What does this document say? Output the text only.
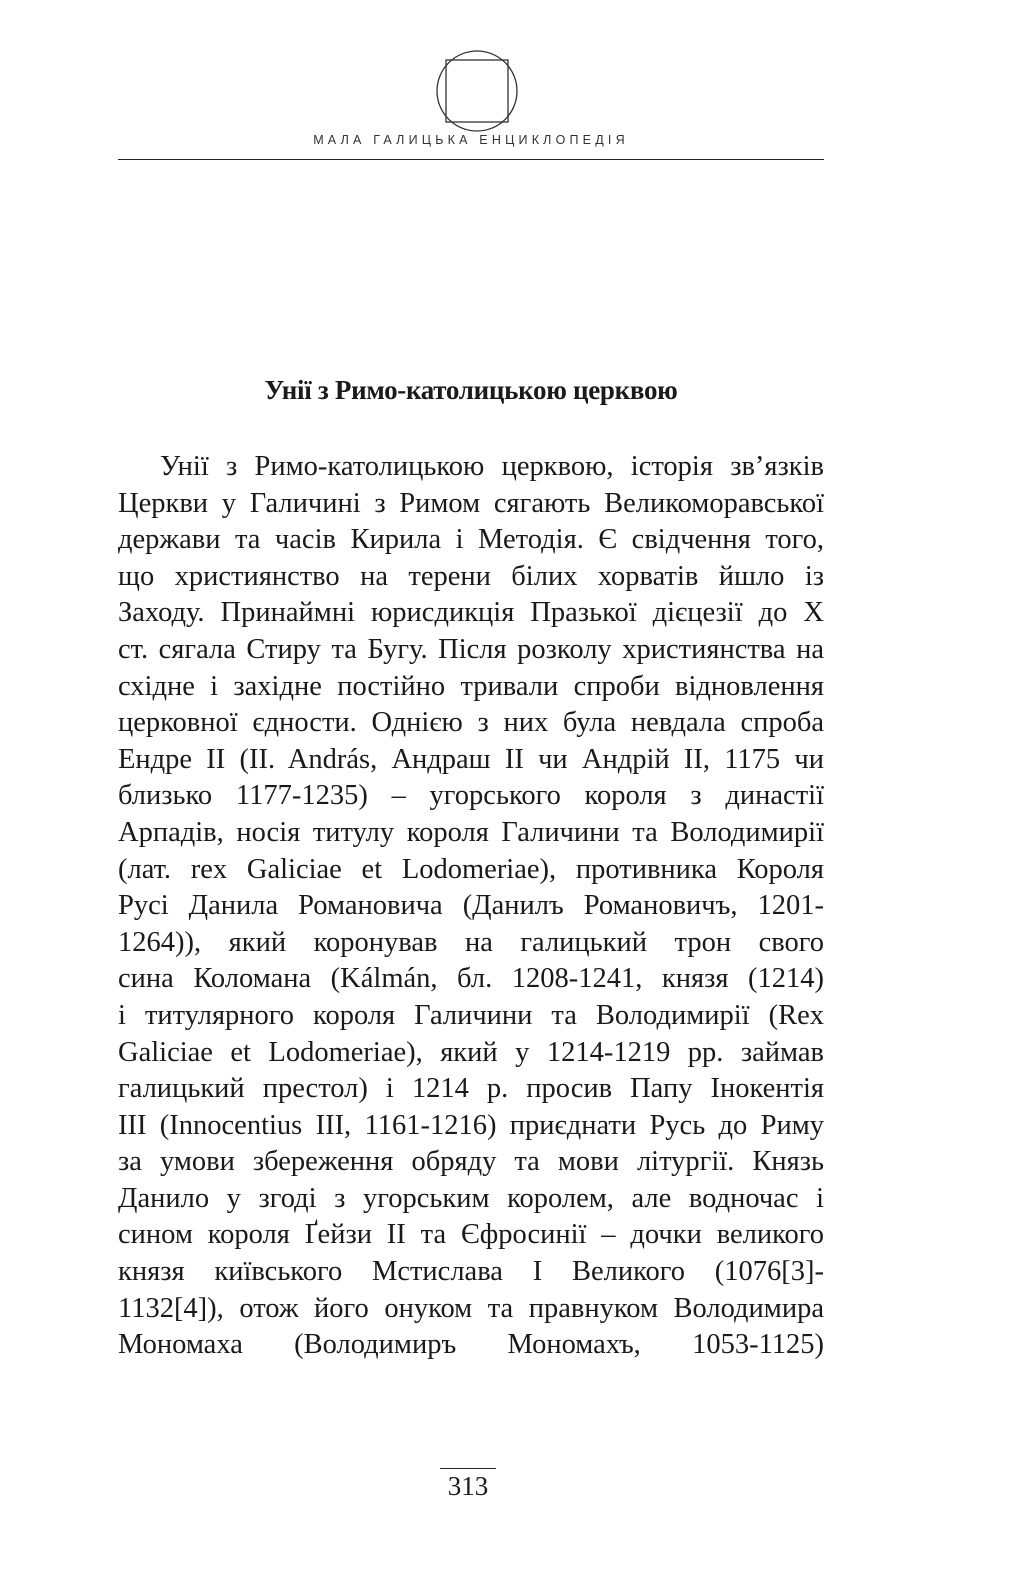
МАЛА ГАЛИЦЬКА ЕНЦИКЛОПЕДІЯ
Унії з Римо-католицькою церквою
Унії з Римо-католицькою церквою, історія зв’язків
Церкви у Галичині з Римом сягають Великоморавської
держави та часів Кирила і Методія. Є свідчення того,
що християнство на терени білих хорватів йшло із
Заходу. Принаймні юрисдикція Празької дієцезії до X
ст. сягала Стиру та Бугу. Після розколу християнства на
східне і західне постійно тривали спроби відновлення
церковної єдности. Однією з них була невдала спроба
Ендре II (II. András, Андраш II чи Андрій II, 1175 чи
близько 1177-1235) – угорського короля з династії
Арпадів, носія титулу короля Галичини та Володимирії
(лат. rex Galiciae et Lodomeriae), противника Короля
Русі Данила Романовича (Данилъ Романовичъ, 1201-
1264)), який коронував на галицький трон свого
сина Коломана (Kálmán, бл. 1208-1241, князя (1214)
і титулярного короля Галичини та Володимирії (Rex
Galiciae et Lodomeriae), який у 1214-1219 рр. займав
галицький престол) і 1214 р. просив Папу Інокентія
III (Innocentius III, 1161-1216) приєднати Русь до Риму
за умови збереження обряду та мови літургії. Князь
Данило у згоді з угорським королем, але водночас і
сином короля Ґейзи II та Єфросинії – дочки великого
князя київського Мстислава I Великого (1076[3]-
1132[4]), отож його онуком та правнуком Володимира
Мономаха (Володимиръ Мономахъ, 1053-1125)
313
